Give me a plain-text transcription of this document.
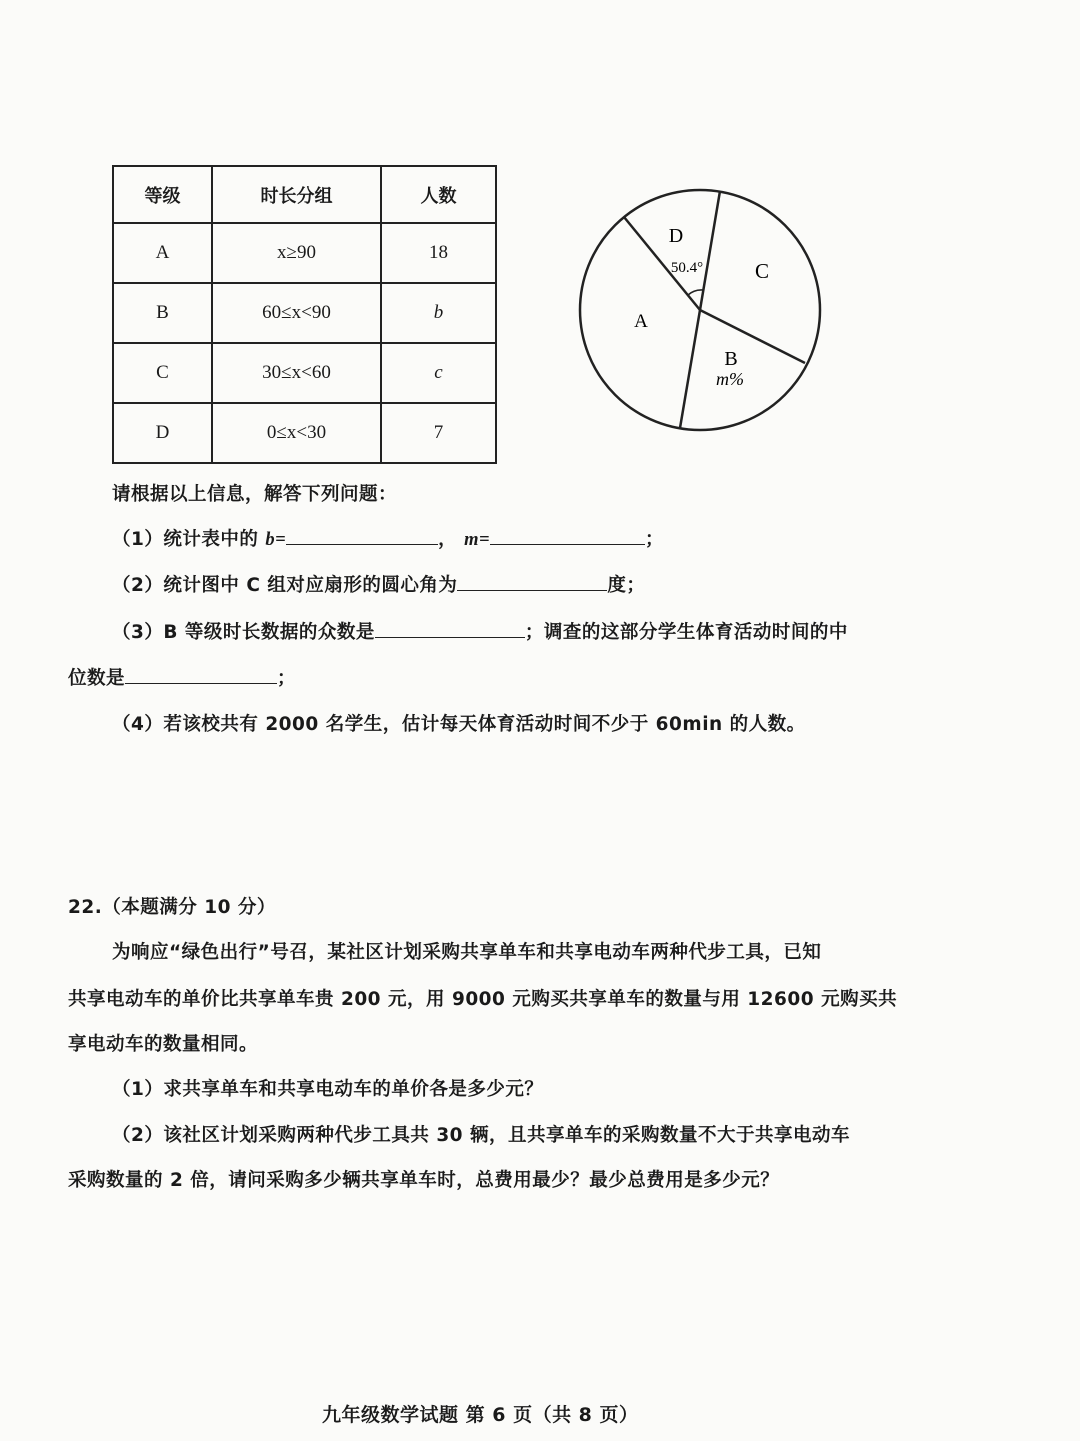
等级	时长分组	人数
A	x≥90	18
B	60≤x<90	b
C	30≤x<60	c
D	0≤x<30	7
D
50.4° C
A
B
m%
请根据以上信息，解答下列问题：
（1）统计表中的 b=	， m=	；
（2）统计图中 C 组对应扇形的圆心角为	度；
（3）B 等级时长数据的众数是	；调查的这部分学生体育活动时间的中
位数是	；
（4）若该校共有 2000 名学生，估计每天体育活动时间不少于 60min 的人数。
22.（本题满分 10 分）
为响应“绿色出行”号召，某社区计划采购共享单车和共享电动车两种代步工具，已知
共享电动车的单价比共享单车贵 200 元，用 9000 元购买共享单车的数量与用 12600 元购买共
享电动车的数量相同。
（1）求共享单车和共享电动车的单价各是多少元？
（2）该社区计划采购两种代步工具共 30 辆，且共享单车的采购数量不大于共享电动车
采购数量的 2 倍，请问采购多少辆共享单车时，总费用最少？最少总费用是多少元？
九年级数学试题 第 6 页（共 8 页）
